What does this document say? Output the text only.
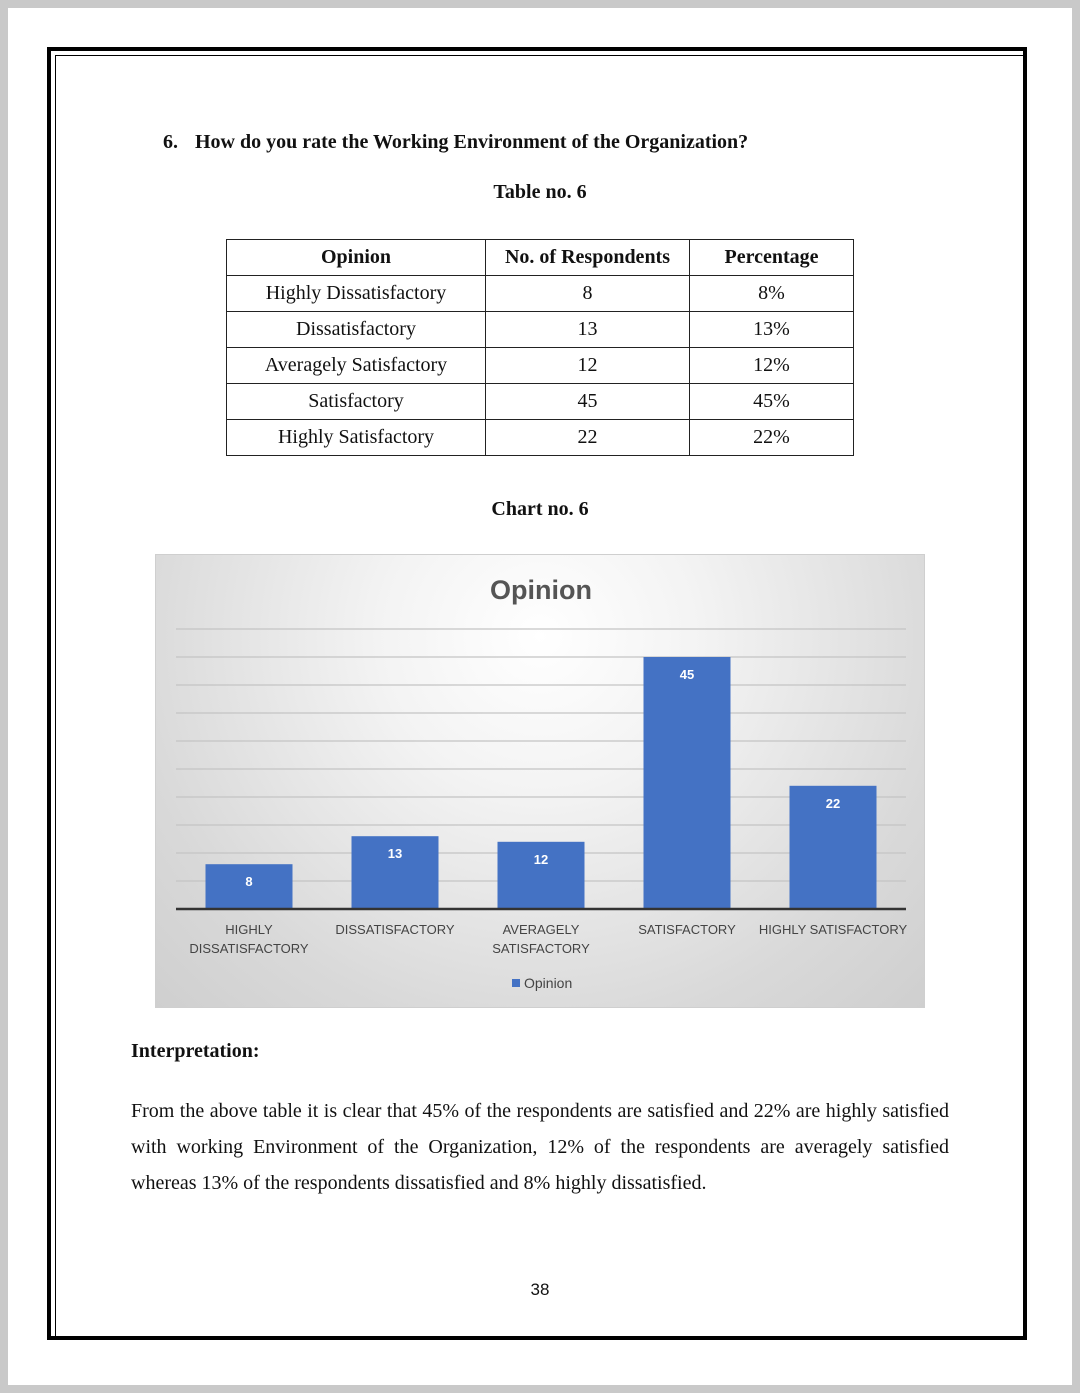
6. How do you rate the Working Environment of the Organization?
Table no. 6
Opinion	No. of Respondents	Percentage
Highly Dissatisfactory	8	8%
Dissatisfactory	13	13%
Averagely Satisfactory	12	12%
Satisfactory	45	45%
Highly Satisfactory	22	22%
Chart no. 6
Opinion
8
13	12
45
22
HIGHLY
DISSATISFACTORY
DISSATISFACTORY	AVERAGELY
SATISFACTORY
SATISFACTORY HIGHLY SATISFACTORY
Opinion
Interpretation:
From the above table it is clear that 45% of the respondents are satisfied and 22% are highly satisfied with working Environment of the Organization, 12% of the respondents are averagely satisfied whereas 13% of the respondents dissatisfied and 8% highly dissatisfied.
38
